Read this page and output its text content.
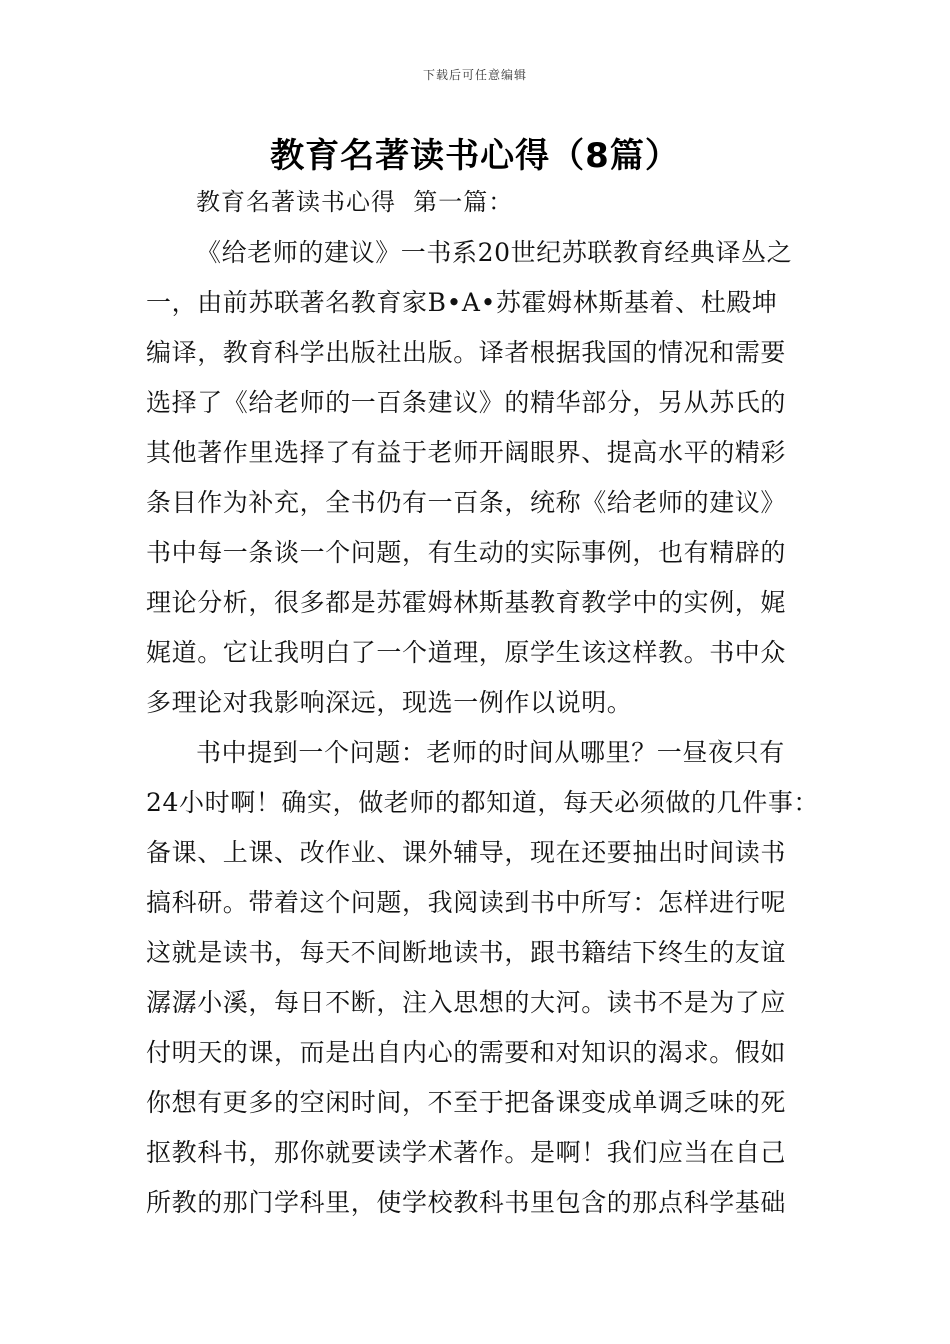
下载后可任意编辑
教育名著读书心得（8篇）
教育名著读书心得  第一篇：
《给老师的建议》一书系20世纪苏联教育经典译丛之
一，由前苏联著名教育家B•A•苏霍姆林斯基着、杜殿坤
编译，教育科学出版社出版。译者根据我国的情况和需要
选择了《给老师的一百条建议》的精华部分，另从苏氏的
其他著作里选择了有益于老师开阔眼界、提高水平的精彩
条目作为补充，全书仍有一百条，统称《给老师的建议》
书中每一条谈一个问题，有生动的实际事例，也有精辟的
理论分析，很多都是苏霍姆林斯基教育教学中的实例，娓
娓道。它让我明白了一个道理，原学生该这样教。书中众
多理论对我影响深远，现选一例作以说明。
书中提到一个问题：老师的时间从哪里？一昼夜只有
24小时啊！确实，做老师的都知道，每天必须做的几件事：
备课、上课、改作业、课外辅导，现在还要抽出时间读书
搞科研。带着这个问题，我阅读到书中所写：怎样进行呢
这就是读书，每天不间断地读书，跟书籍结下终生的友谊
潺潺小溪，每日不断，注入思想的大河。读书不是为了应
付明天的课，而是出自内心的需要和对知识的渴求。假如
你想有更多的空闲时间，不至于把备课变成单调乏味的死
抠教科书，那你就要读学术著作。是啊！我们应当在自己
所教的那门学科里，使学校教科书里包含的那点科学基础
